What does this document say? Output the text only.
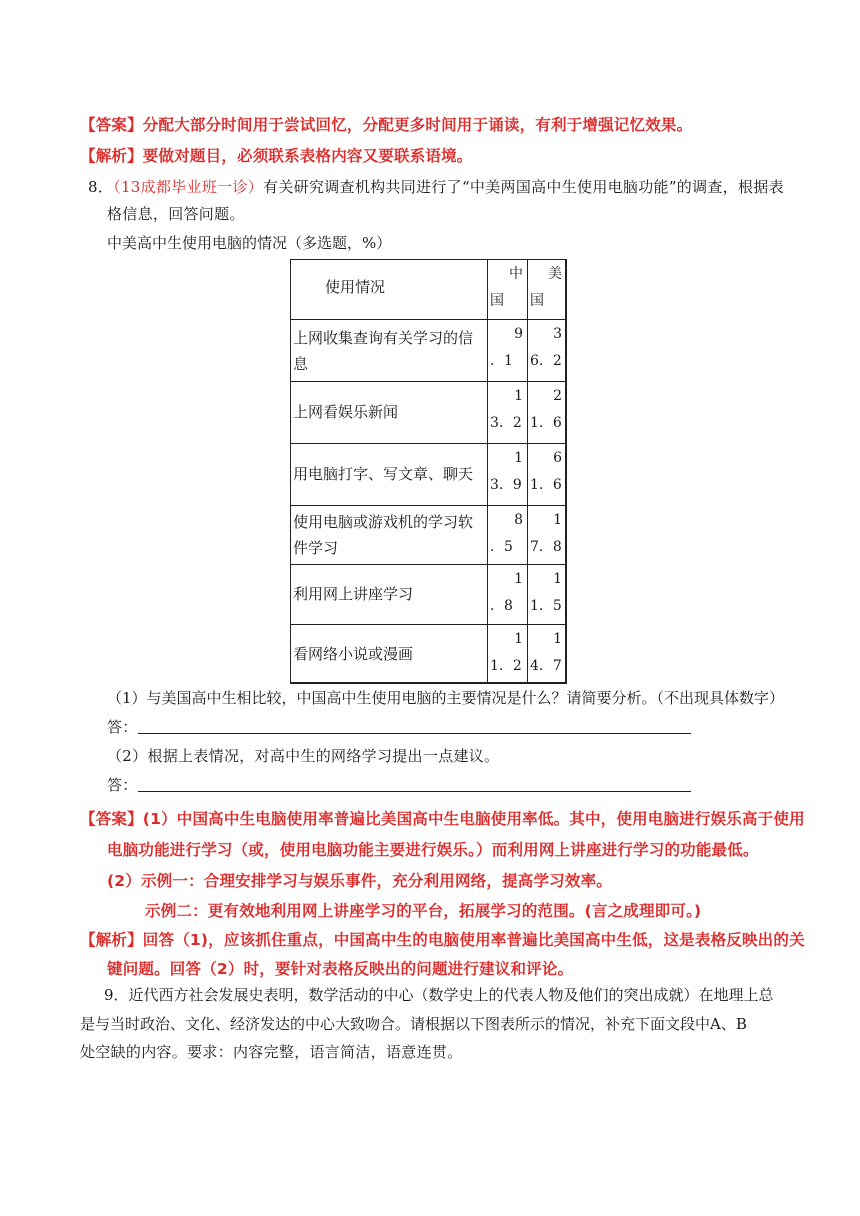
【答案】分配大部分时间用于尝试回忆，分配更多时间用于诵读，有利于增强记忆效果。
【解析】要做对题目，必须联系表格内容又要联系语境。
8．（13成都毕业班一诊）有关研究调查机构共同进行了“中美两国高中生使用电脑功能”的调查，根据表
格信息，回答问题。
中美高中生使用电脑的情况（多选题，%）
使用情况
中
国
美
国
上网收集查询有关学习的信
息
9
．1
3
6．2
上网看娱乐新闻
1
3．2
2
1．6
用电脑打字、写文章、聊天
1
3．9
6
1．6
使用电脑或游戏机的学习软
件学习
8
．5
1
7．8
利用网上讲座学习
1
．8
1
1．5
看网络小说或漫画
1
1．2
1
4．7
（1）与美国高中生相比较，中国高中生使用电脑的主要情况是什么？请简要分析。（不出现具体数字）
答：
（2）根据上表情况，对高中生的网络学习提出一点建议。
答：
【答案】(1）中国高中生电脑使用率普遍比美国高中生电脑使用率低。其中，使用电脑进行娱乐高于使用
电脑功能进行学习（或，使用电脑功能主要进行娱乐。）而利用网上讲座进行学习的功能最低。
(2）示例一：合理安排学习与娱乐事件，充分利用网络，提高学习效率。
示例二：更有效地利用网上讲座学习的平台，拓展学习的范围。(言之成理即可。)
【解析】回答（1)，应该抓住重点，中国高中生的电脑使用率普遍比美国高中生低，这是表格反映出的关
键问题。回答（2）时，要针对表格反映出的问题进行建议和评论。
9．近代西方社会发展史表明，数学活动的中心（数学史上的代表人物及他们的突出成就）在地理上总
是与当时政治、文化、经济发达的中心大致吻合。请根据以下图表所示的情况，补充下面文段中A、B
处空缺的内容。要求：内容完整，语言简洁，语意连贯。
